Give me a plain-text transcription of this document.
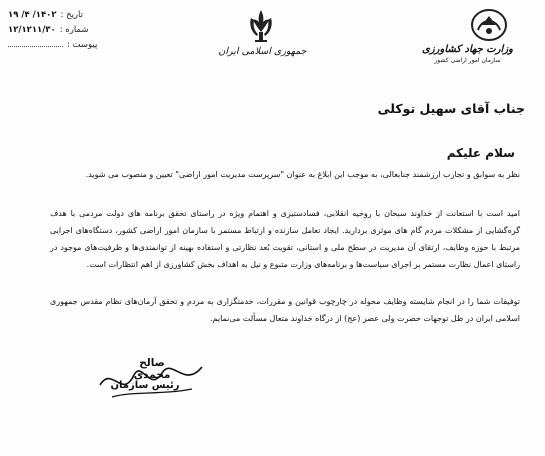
تاریخ :
۱۴۰۲/ ۴/ ۱۹
شماره :
۱۲/۱۲۱۱/۳۰
پیوست :
جمهوری اسلامی ایران	وزارت جهاد کشاورزی
سازمان امور اراضی کشور
جناب آقای سهیل توکلی
سلام علیکم
نظر به سوابق و تجارب ارزشمند جنابعالی، به موجب این ابلاغ به عنوان "سرپرست مدیریت امور اراضی" تعیین و منصوب می شوید.
امید است با استعانت از خداوند سبحان با روحیه انقلابی، فسادستیزی و اهتمام ویژه در راستای تحقق برنامه های دولت مردمی با هدف گره‌گشایی از مشکلات مردم گام های موثری بردارید. ایجاد تعامل سازنده و ارتباط مستمر با سازمان امور اراضی کشور، دستگاه‌های اجرایی مرتبط با حوزه وظایف، ارتقای آن مدیریت در سطح ملی و استانی، تقویت بُعد نظارتی و استفاده بهینه از توانمندی‌ها و ظرفیت‌های موجود در راستای اعمال نظارت مستمر بر اجرای سیاست‌ها و برنامه‌های وزارت متبوع و نیل به اهداف بخش کشاورزی از اهم انتظارات است.
توفیقات شما را در انجام شایسته وظایف محوله در چارچوب قوانین و مقررات، خدمتگزاری به مردم و تحقق آرمان‌های نظام مقدس جمهوری اسلامی ایران در ظل توجهات حضرت ولی عصر (عج) از درگاه خداوند متعال مسألت می‌نمایم.
صالح محمدی
رئیس سازمان
